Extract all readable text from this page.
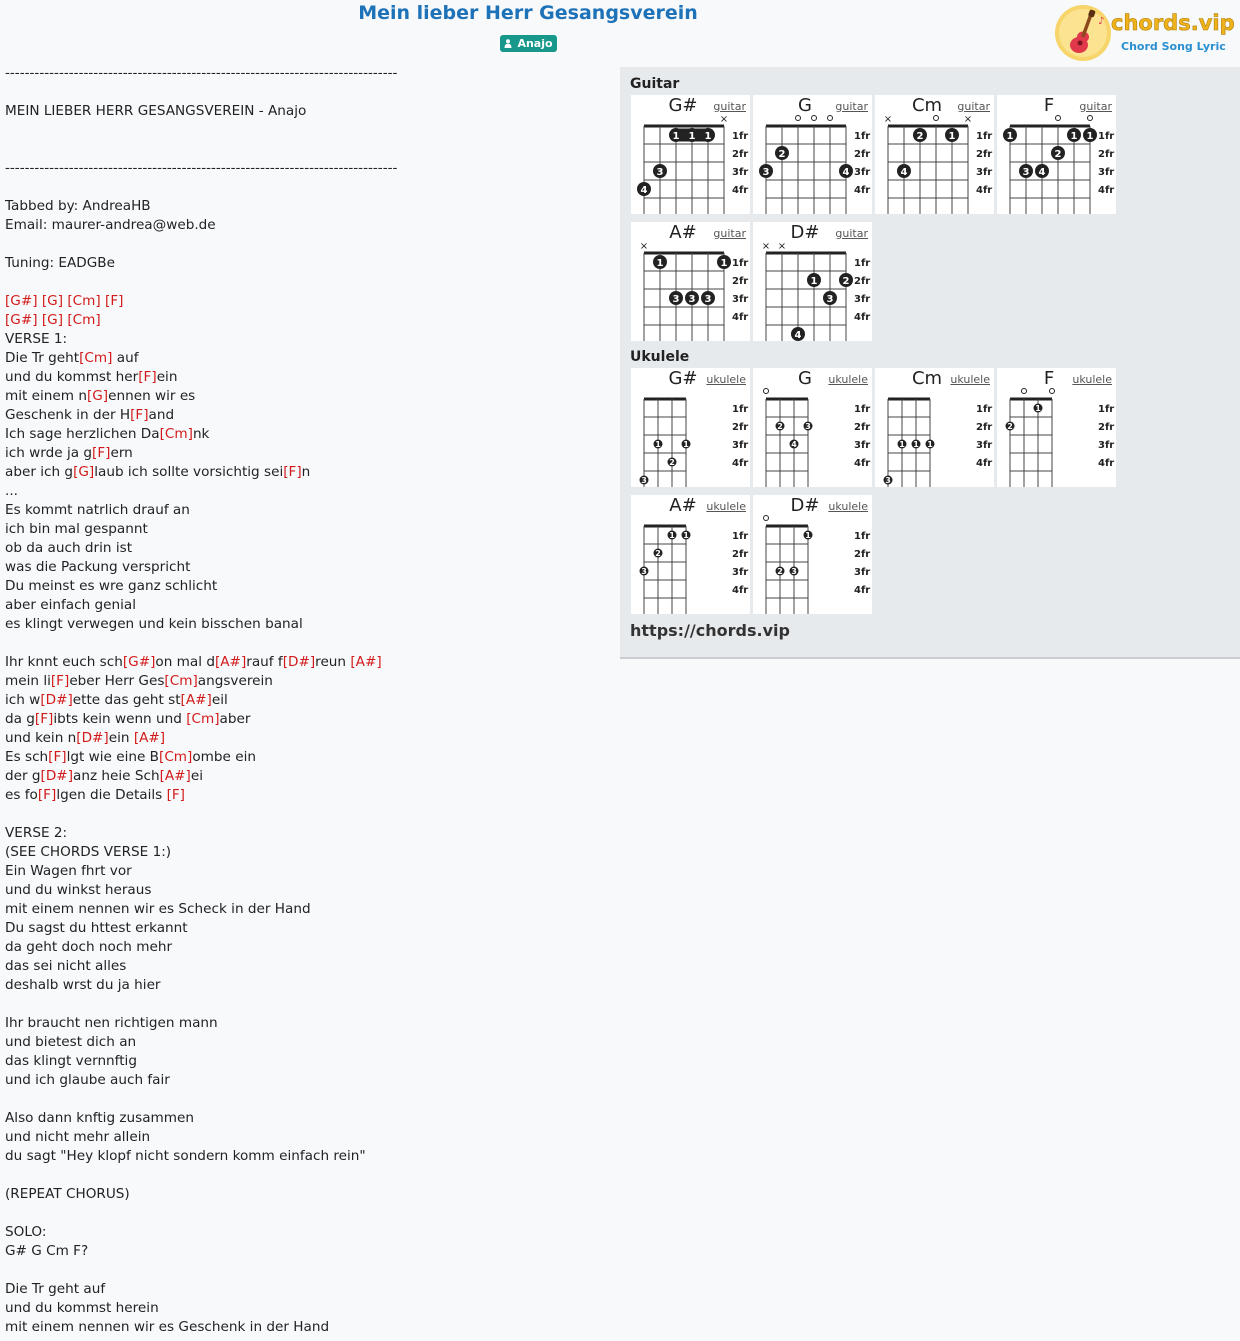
Mein lieber Herr Gesangsverein
Anajo
♪ chords.vip
Chord Song Lyric
--------------------------------------------------------------------------------
MEIN LIEBER HERR GESANGSVEREIN - Anajo
--------------------------------------------------------------------------------
Tabbed by: AndreaHB
Email: maurer-andrea@web.de
Tuning: EADGBe
[G#] [G] [Cm] [F]
[G#] [G] [Cm]
VERSE 1:
Die Tr geht[Cm] auf
und du kommst her[F]ein
mit einem n[G]ennen wir es
Geschenk in der H[F]and
Ich sage herzlichen Da[Cm]nk
ich wrde ja g[F]ern
aber ich g[G]laub ich sollte vorsichtig sei[F]n
...
Es kommt natrlich drauf an
ich bin mal gespannt
ob da auch drin ist
was die Packung verspricht
Du meinst es wre ganz schlicht
aber einfach genial
es klingt verwegen und kein bisschen banal
Ihr knnt euch sch[G#]on mal d[A#]rauf f[D#]reun [A#]
mein li[F]eber Herr Ges[Cm]angsverein
ich w[D#]ette das geht st[A#]eil
da g[F]ibts kein wenn und [Cm]aber
und kein n[D#]ein [A#]
Es sch[F]lgt wie eine B[Cm]ombe ein
der g[D#]anz heie Sch[A#]ei
es fo[F]lgen die Details [F]
VERSE 2:
(SEE CHORDS VERSE 1:)
Ein Wagen fhrt vor
und du winkst heraus
mit einem nennen wir es Scheck in der Hand
Du sagst du httest erkannt
da geht doch noch mehr
das sei nicht alles
deshalb wrst du ja hier
Ihr braucht nen richtigen mann
und bietest dich an
das klingt vernnftig
und ich glaube auch fair
Also dann knftig zusammen
und nicht mehr allein
du sagt "Hey klopf nicht sondern komm einfach rein"
(REPEAT CHORUS)
SOLO:
G# G Cm F?
Die Tr geht auf
und du kommst herein
mit einem nennen wir es Geschenk in der Hand
Guitar
G#	guitar
×
4
3
1 1 1 1fr
2fr
3fr
4fr
G	guitar
3
2
4
1fr
2fr
3fr
4fr
Cm	guitar
×	×
4
2	1 1fr
2fr
3fr
4fr
F	guitar
1
3 4
2
1 1 1fr
2fr
3fr
4fr
A#	guitar
×
1
3 3 3
1 1fr
2fr
3fr
4fr
D#	guitar
× ×
4
1
3
2
1fr
2fr
3fr
4fr
Ukulele
G# ukulele
3
1
2
1
1fr
2fr
3fr
4fr
G	ukulele
2
4
3
1fr
2fr
3fr
4fr
Cm ukulele
3
1 1 1
1fr
2fr
3fr
4fr
F	ukulele
2
1	1fr
2fr
3fr
4fr
A# ukulele
3
2
1 1	1fr
2fr
3fr
4fr
D# ukulele
2 3
1	1fr
2fr
3fr
4fr
https://chords.vip
